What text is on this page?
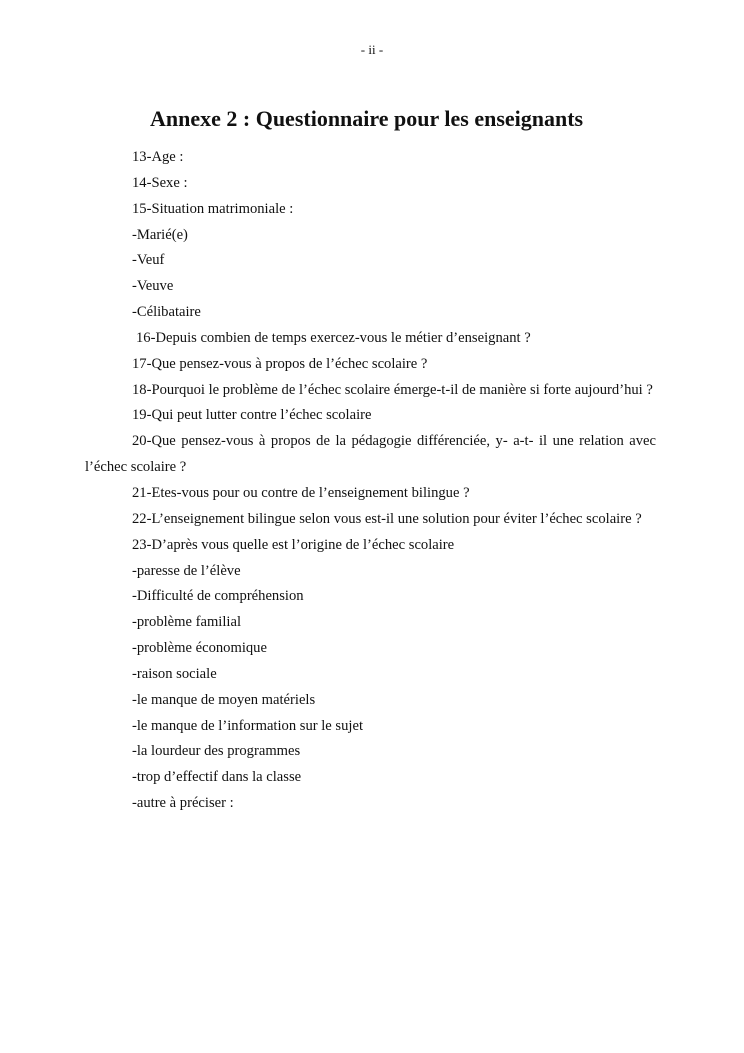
- ii -
Annexe 2 : Questionnaire pour les enseignants
13-Age :
14-Sexe :
15-Situation matrimoniale :
-Marié(e)
-Veuf
-Veuve
-Célibataire
16-Depuis combien de temps exercez-vous le métier d’enseignant ?
17-Que pensez-vous à propos de l’échec scolaire ?
18-Pourquoi le problème de l’échec scolaire émerge-t-il de manière si forte aujourd’hui ?
19-Qui peut lutter contre l’échec scolaire
20-Que pensez-vous à propos de la pédagogie différenciée, y- a-t- il une relation avec l’échec scolaire ?
21-Etes-vous pour ou contre de l’enseignement bilingue ?
22-L’enseignement bilingue selon vous est-il une solution pour éviter l’échec scolaire ?
23-D’après vous quelle est l’origine de l’échec scolaire
-paresse de l’élève
-Difficulté de compréhension
-problème familial
-problème économique
-raison sociale
-le manque de moyen matériels
-le manque de l’information sur le sujet
-la lourdeur des programmes
-trop d’effectif dans la classe
-autre à préciser :
